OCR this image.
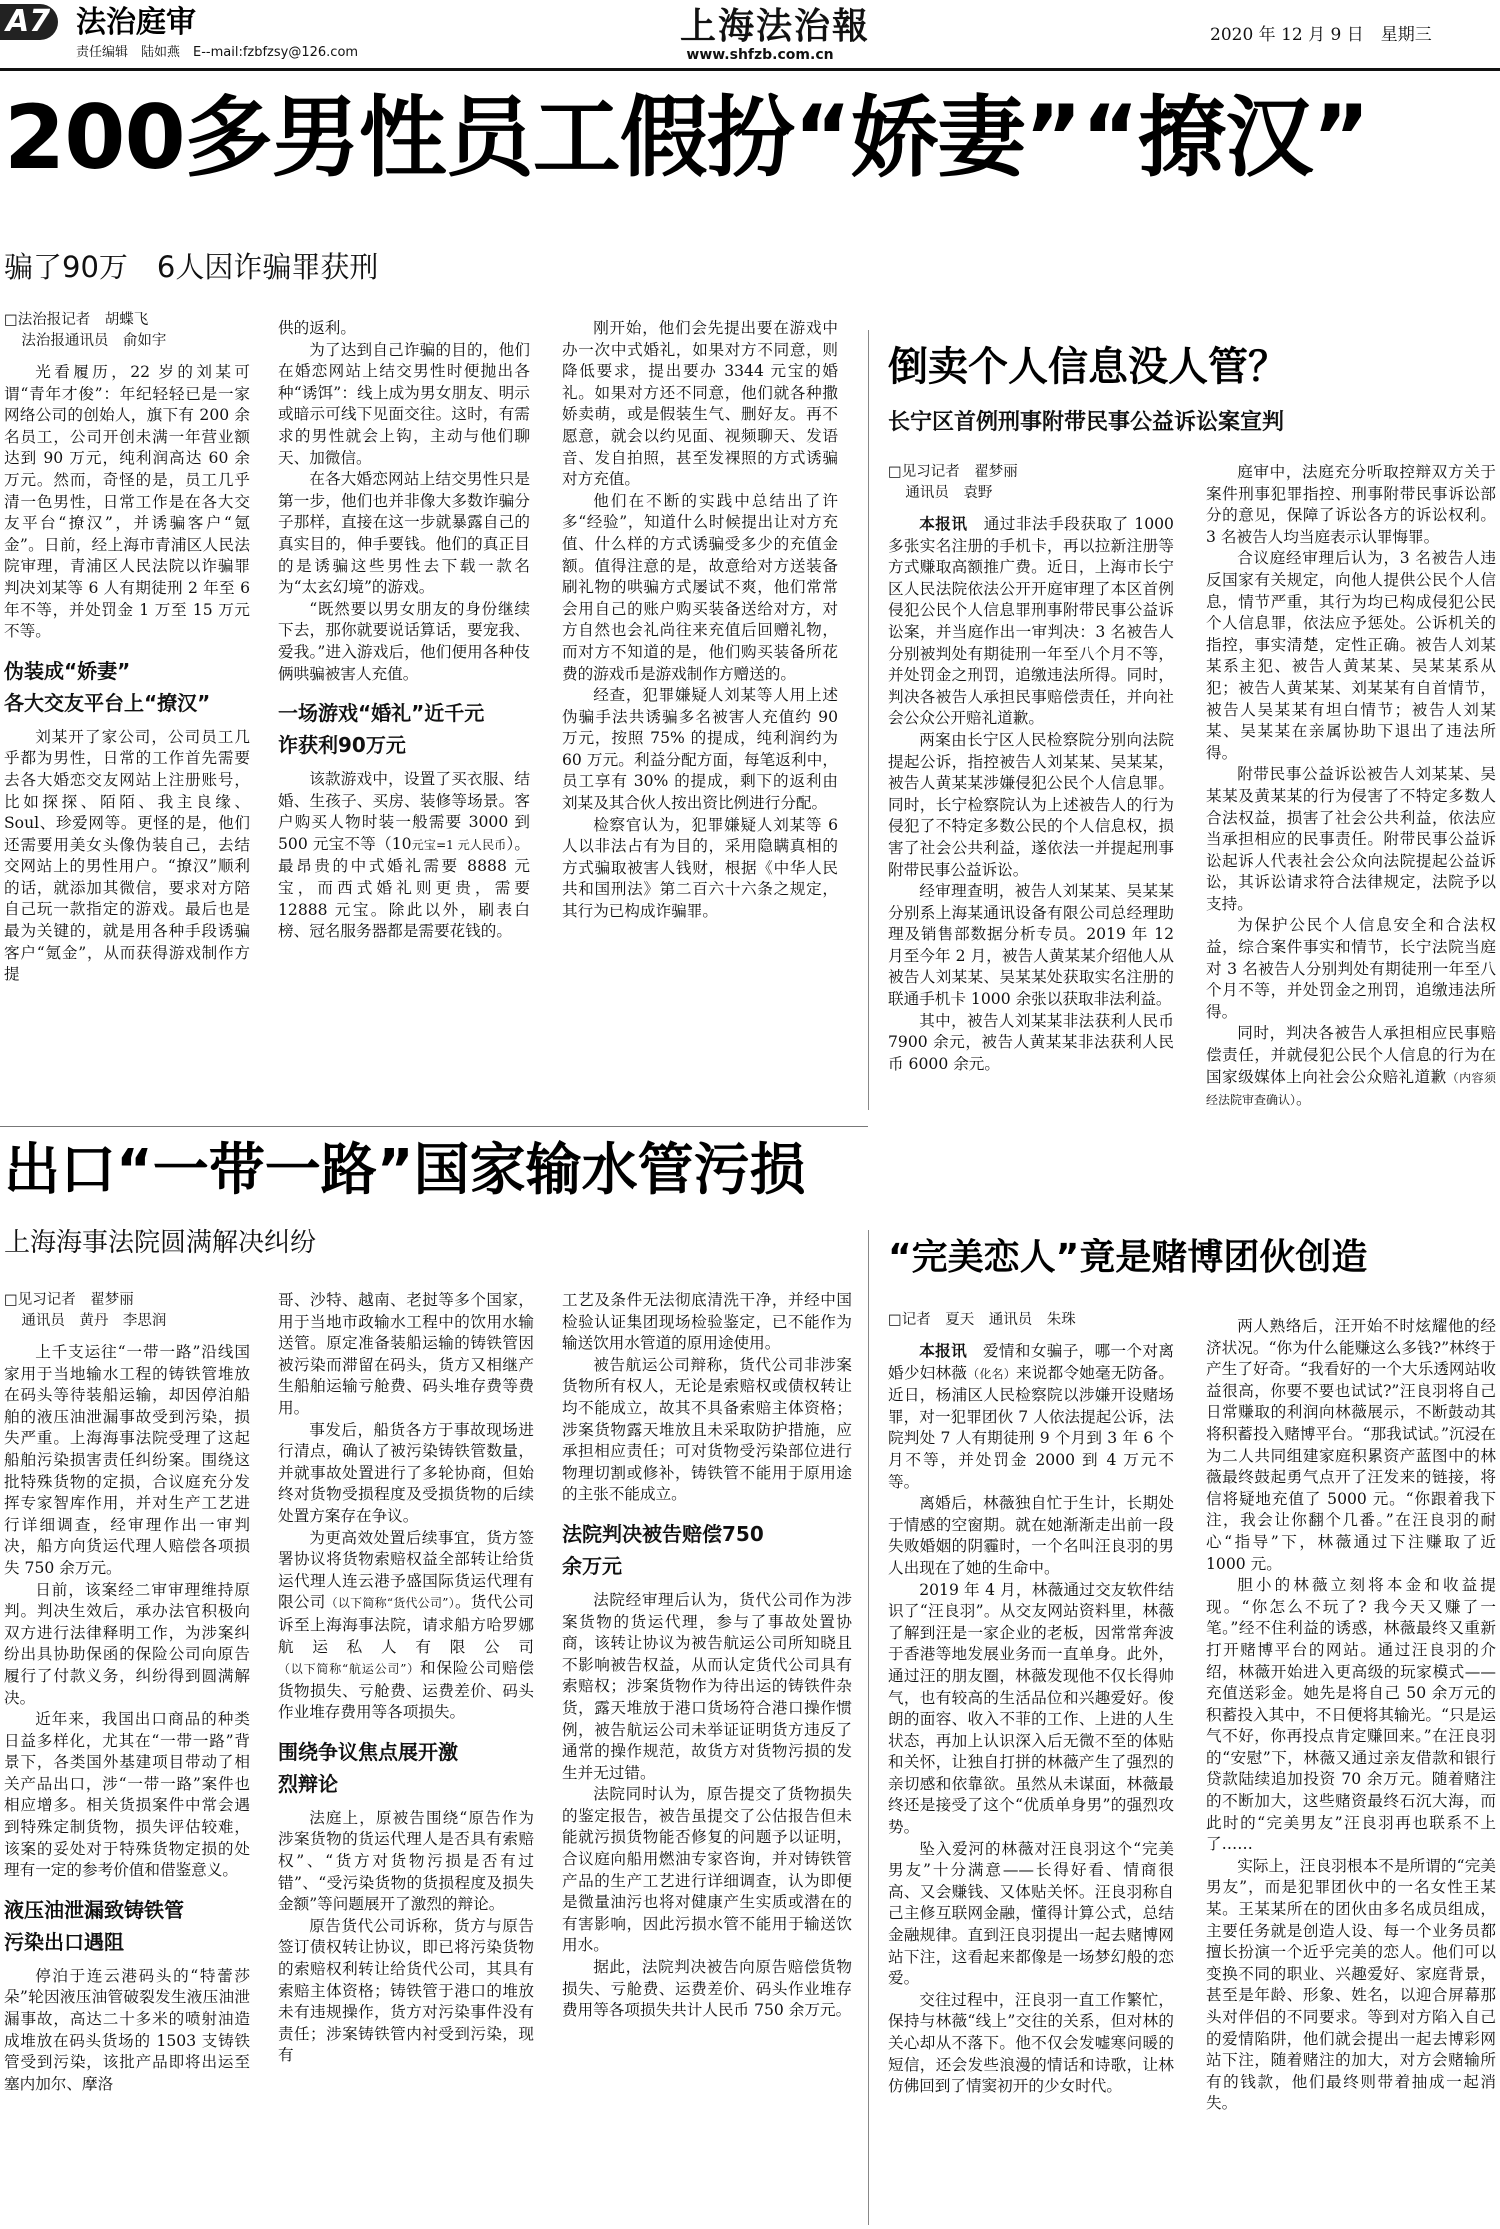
A7 法治庭审
责任编辑　陆如燕　E--mail:fzbfzsy@126.com
上海法治報
www.shfzb.com.cn
2020 年 12 月 9 日　星期三
200多男性员工假扮“娇妻”“撩汉”
骗了90万　6人因诈骗罪获刑

□法治报记者　胡蝶飞

法治报通讯员　俞如宇

光看履历，22 岁的刘某可谓“青年才俊”：年纪轻轻已是一家网络公司的创始人，旗下有 200 余名员工，公司开创未满一年营业额达到 90 万元，纯利润高达 60 余万元。然而，奇怪的是，员工几乎清一色男性，日常工作是在各大交友平台“撩汉”，并诱骗客户“氪金”。日前，经上海市青浦区人民法院审理，青浦区人民法院以诈骗罪判决刘某等 6 人有期徒刑 2 年至 6 年不等，并处罚金 1 万至 15 万元不等。

伪装成“娇妻”

各大交友平台上“撩汉”

刘某开了家公司，公司员工几乎都为男性，日常的工作首先需要去各大婚恋交友网站上注册账号，比如探探、陌陌、我主良缘、Soul、珍爱网等。更怪的是，他们还需要用美女头像伪装自己，去结交网站上的男性用户。“撩汉”顺利的话，就添加其微信，要求对方陪自己玩一款指定的游戏。最后也是最为关键的，就是用各种手段诱骗客户“氪金”，从而获得游戏制作方提

供的返利。

为了达到自己诈骗的目的，他们在婚恋网站上结交男性时便抛出各种“诱饵”：线上成为男女朋友、明示或暗示可线下见面交往。这时，有需求的男性就会上钩，主动与他们聊天、加微信。

在各大婚恋网站上结交男性只是第一步，他们也并非像大多数诈骗分子那样，直接在这一步就暴露自己的真实目的，伸手要钱。他们的真正目的是诱骗这些男性去下载一款名为“太玄幻境”的游戏。

“既然要以男女朋友的身份继续下去，那你就要说话算话，要宠我、爱我。”进入游戏后，他们便用各种伎俩哄骗被害人充值。

一场游戏“婚礼”近千元

诈获利90万元

该款游戏中，设置了买衣服、结婚、生孩子、买房、装修等场景。客户购买人物时装一般需要 3000 到 500 元宝不等（10元宝=1 元人民币）。最昂贵的中式婚礼需要 8888 元宝，而西式婚礼则更贵，需要 12888 元宝。除此以外，刷表白榜、冠名服务器都是需要花钱的。

刚开始，他们会先提出要在游戏中办一次中式婚礼，如果对方不同意，则降低要求，提出要办 3344 元宝的婚礼。如果对方还不同意，他们就各种撒娇卖萌，或是假装生气、删好友。再不愿意，就会以约见面、视频聊天、发语音、发自拍照，甚至发裸照的方式诱骗对方充值。

他们在不断的实践中总结出了许多“经验”，知道什么时候提出让对方充值、什么样的方式诱骗受多少的充值金额。值得注意的是，故意给对方送装备刷礼物的哄骗方式屡试不爽，他们常常会用自己的账户购买装备送给对方，对方自然也会礼尚往来充值后回赠礼物，而对方不知道的是，他们购买装备所花费的游戏币是游戏制作方赠送的。

经查，犯罪嫌疑人刘某等人用上述伪骗手法共诱骗多名被害人充值约 90 万元，按照 75% 的提成，纯利润约为 60 万元。利益分配方面，每笔返利中，员工享有 30% 的提成，剩下的返利由刘某及其合伙人按出资比例进行分配。

检察官认为，犯罪嫌疑人刘某等 6 人以非法占有为目的，采用隐瞒真相的方式骗取被害人钱财，根据《中华人民共和国刑法》第二百六十六条之规定，其行为已构成诈骗罪。

倒卖个人信息没人管？
长宁区首例刑事附带民事公益诉讼案宣判

□见习记者　翟梦丽

通讯员　袁野

本报讯　 通过非法手段获取了 1000 多张实名注册的手机卡，再以拉新注册等方式赚取高额推广费。近日，上海市长宁区人民法院依法公开开庭审理了本区首例侵犯公民个人信息罪刑事附带民事公益诉讼案，并当庭作出一审判决：3 名被告人分别被判处有期徒刑一年至八个月不等，并处罚金之刑罚，追缴违法所得。同时，判决各被告人承担民事赔偿责任，并向社会公众公开赔礼道歉。

两案由长宁区人民检察院分别向法院提起公诉，指控被告人刘某某、吴某某，被告人黄某某涉嫌侵犯公民个人信息罪。同时，长宁检察院认为上述被告人的行为侵犯了不特定多数公民的个人信息权，损害了社会公共利益，遂依法一并提起刑事附带民事公益诉讼。

经审理查明，被告人刘某某、吴某某分别系上海某通讯设备有限公司总经理助理及销售部数据分析专员。2019 年 12 月至今年 2 月，被告人黄某某介绍他人从被告人刘某某、吴某某处获取实名注册的联通手机卡 1000 余张以获取非法利益。

其中，被告人刘某某非法获利人民币 7900 余元，被告人黄某某非法获利人民币 6000 余元。

庭审中，法庭充分听取控辩双方关于案件刑事犯罪指控、刑事附带民事诉讼部分的意见，保障了诉讼各方的诉讼权利。3 名被告人均当庭表示认罪悔罪。

合议庭经审理后认为，3 名被告人违反国家有关规定，向他人提供公民个人信息，情节严重，其行为均已构成侵犯公民个人信息罪，依法应予惩处。公诉机关的指控，事实清楚，定性正确。被告人刘某某系主犯、被告人黄某某、吴某某系从犯；被告人黄某某、刘某某有自首情节，被告人吴某某有坦白情节；被告人刘某某、吴某某在亲属协助下退出了违法所得。

附带民事公益诉讼被告人刘某某、吴某某及黄某某的行为侵害了不特定多数人合法权益，损害了社会公共利益，依法应当承担相应的民事责任。附带民事公益诉讼起诉人代表社会公众向法院提起公益诉讼，其诉讼请求符合法律规定，法院予以支持。

为保护公民个人信息安全和合法权益，综合案件事实和情节，长宁法院当庭对 3 名被告人分别判处有期徒刑一年至八个月不等，并处罚金之刑罚，追缴违法所得。

同时，判决各被告人承担相应民事赔偿责任，并就侵犯公民个人信息的行为在国家级媒体上向社会公众赔礼道歉（内容须经法院审查确认）。

出口“一带一路”国家输水管污损
上海海事法院圆满解决纠纷

□见习记者　翟梦丽

通讯员　黄丹　李思润

上千支运往“一带一路”沿线国家用于当地输水工程的铸铁管堆放在码头等待装船运输，却因停泊船舶的液压油泄漏事故受到污染，损失严重。上海海事法院受理了这起船舶污染损害责任纠纷案。围绕这批特殊货物的定损，合议庭充分发挥专家智库作用，并对生产工艺进行详细调查，经审理作出一审判决，船方向货运代理人赔偿各项损失 750 余万元。

日前，该案经二审审理维持原判。判决生效后，承办法官积极向双方进行法律释明工作，为涉案纠纷出具协助保函的保险公司向原告履行了付款义务，纠纷得到圆满解决。

近年来，我国出口商品的种类日益多样化，尤其在“一带一路”背景下，各类国外基建项目带动了相关产品出口，涉“一带一路”案件也相应增多。相关货损案件中常会遇到特殊定制货物，损失评估较难，该案的妥处对于特殊货物定损的处理有一定的参考价值和借鉴意义。

液压油泄漏致铸铁管

污染出口遇阻

停泊于连云港码头的“特蕾莎朵”轮因液压油管破裂发生液压油泄漏事故，高达二十多米的喷射油造成堆放在码头货场的 1503 支铸铁管受到污染，该批产品即将出运至塞内加尔、摩洛

哥、沙特、越南、老挝等多个国家，用于当地市政输水工程中的饮用水输送管。原定准备装船运输的铸铁管因被污染而滞留在码头，货方又相继产生船舶运输亏舱费、码头堆存费等费用。

事发后，船货各方于事故现场进行清点，确认了被污染铸铁管数量，并就事故处置进行了多轮协商，但始终对货物受损程度及受损货物的后续处置方案存在争议。

为更高效处置后续事宜，货方签署协议将货物索赔权益全部转让给货运代理人连云港予盛国际货运代理有限公司（以下简称“货代公司”）。货代公司诉至上海海事法院，请求船方哈罗娜航运私人有限公司（以下简称“航运公司”）和保险公司赔偿货物损失、亏舱费、运费差价、码头作业堆存费用等各项损失。

围绕争议焦点展开激

烈辩论

法庭上，原被告围绕“原告作为涉案货物的货运代理人是否具有索赔权”、“货方对货物污损是否有过错”、“受污染货物的货损程度及损失金额”等问题展开了激烈的辩论。

原告货代公司诉称，货方与原告签订债权转让协议，即已将污染货物的索赔权利转让给货代公司，其具有索赔主体资格；铸铁管于港口的堆放未有违规操作，货方对污染事件没有责任；涉案铸铁管内衬受到污染，现有

工艺及条件无法彻底清洗干净，并经中国检验认证集团现场检验鉴定，已不能作为输送饮用水管道的原用途使用。

被告航运公司辩称，货代公司非涉案货物所有权人，无论是索赔权或债权转让均不能成立，故其不具备索赔主体资格；涉案货物露天堆放且未采取防护措施，应承担相应责任；可对货物受污染部位进行物理切割或修补，铸铁管不能用于原用途的主张不能成立。

法院判决被告赔偿750

余万元

法院经审理后认为，货代公司作为涉案货物的货运代理，参与了事故处置协商，该转让协议为被告航运公司所知晓且不影响被告权益，从而认定货代公司具有索赔权；涉案货物作为待出运的铸铁件杂货，露天堆放于港口货场符合港口操作惯例，被告航运公司未举证证明货方违反了通常的操作规范，故货方对货物污损的发生并无过错。

法院同时认为，原告提交了货物损失的鉴定报告，被告虽提交了公估报告但未能就污损货物能否修复的问题予以证明，合议庭向船用燃油专家咨询，并对铸铁管产品的生产工艺进行详细调查，认为即便是微量油污也将对健康产生实质或潜在的有害影响，因此污损水管不能用于输送饮用水。

据此，法院判决被告向原告赔偿货物损失、亏舱费、运费差价、码头作业堆存费用等各项损失共计人民币 750 余万元。

“完美恋人”竟是赌博团伙创造

□记者　夏天　通讯员　朱珠

本报讯　 爱情和女骗子，哪一个对离婚少妇林薇（化名）来说都令她毫无防备。近日，杨浦区人民检察院以涉嫌开设赌场罪，对一犯罪团伙 7 人依法提起公诉，法院判处 7 人有期徒刑 9 个月到 3 年 6 个月不等，并处罚金 2000 到 4 万元不等。

离婚后，林薇独自忙于生计，长期处于情感的空窗期。就在她渐渐走出前一段失败婚姻的阴霾时，一个名叫汪良羽的男人出现在了她的生命中。

2019 年 4 月，林薇通过交友软件结识了“汪良羽”。从交友网站资料里，林薇了解到汪是一家企业的老板，因常常奔波于香港等地发展业务而一直单身。此外，通过汪的朋友圈，林薇发现他不仅长得帅气，也有较高的生活品位和兴趣爱好。俊朗的面容、收入不菲的工作、上进的人生状态，再加上认识深入后无微不至的体贴和关怀，让独自打拼的林薇产生了强烈的亲切感和依靠欲。虽然从未谋面，林薇最终还是接受了这个“优质单身男”的强烈攻势。

坠入爱河的林薇对汪良羽这个“完美男友”十分满意——长得好看、情商很高、又会赚钱、又体贴关怀。汪良羽称自己主修互联网金融，懂得计算公式，总结金融规律。直到汪良羽提出一起去赌博网站下注，这看起来都像是一场梦幻般的恋爱。

交往过程中，汪良羽一直工作繁忙，保持与林薇“线上”交往的关系，但对林的关心却从不落下。他不仅会发嘘寒问暖的短信，还会发些浪漫的情话和诗歌，让林仿佛回到了情窦初开的少女时代。

两人熟络后，汪开始不时炫耀他的经济状况。“你为什么能赚这么多钱?”林终于产生了好奇。“我看好的一个大乐透网站收益很高，你要不要也试试?”汪良羽将自己日常赚取的利润向林薇展示，不断鼓动其将积蓄投入赌博平台。“那我试试。”沉浸在为二人共同组建家庭积累资产蓝图中的林薇最终鼓起勇气点开了汪发来的链接，将信将疑地充值了 5000 元。“你跟着我下注，我会让你翻个几番。”在汪良羽的耐心“指导”下，林薇通过下注赚取了近 1000 元。

胆小的林薇立刻将本金和收益提现。“你怎么不玩了? 我今天又赚了一笔。”经不住利益的诱惑，林薇最终又重新打开赌博平台的网站。通过汪良羽的介绍，林薇开始进入更高级的玩家模式——充值送彩金。她先是将自己 50 余万元的积蓄投入其中，不日便将其输光。“只是运气不好，你再投点肯定赚回来。”在汪良羽的“安慰”下，林薇又通过亲友借款和银行贷款陆续追加投资 70 余万元。随着赌注的不断加大，这些赌资最终石沉大海，而此时的“完美男友”汪良羽再也联系不上了……

实际上，汪良羽根本不是所谓的“完美男友”，而是犯罪团伙中的一名女性王某某。王某某所在的团伙由多名成员组成，主要任务就是创造人设、每一个业务员都擅长扮演一个近乎完美的恋人。他们可以变换不同的职业、兴趣爱好、家庭背景，甚至是年龄、形象、姓名，以迎合屏幕那头对伴侣的不同要求。等到对方陷入自己的爱情陷阱，他们就会提出一起去博彩网站下注，随着赌注的加大，对方会赌输所有的钱款，他们最终则带着抽成一起消失。
